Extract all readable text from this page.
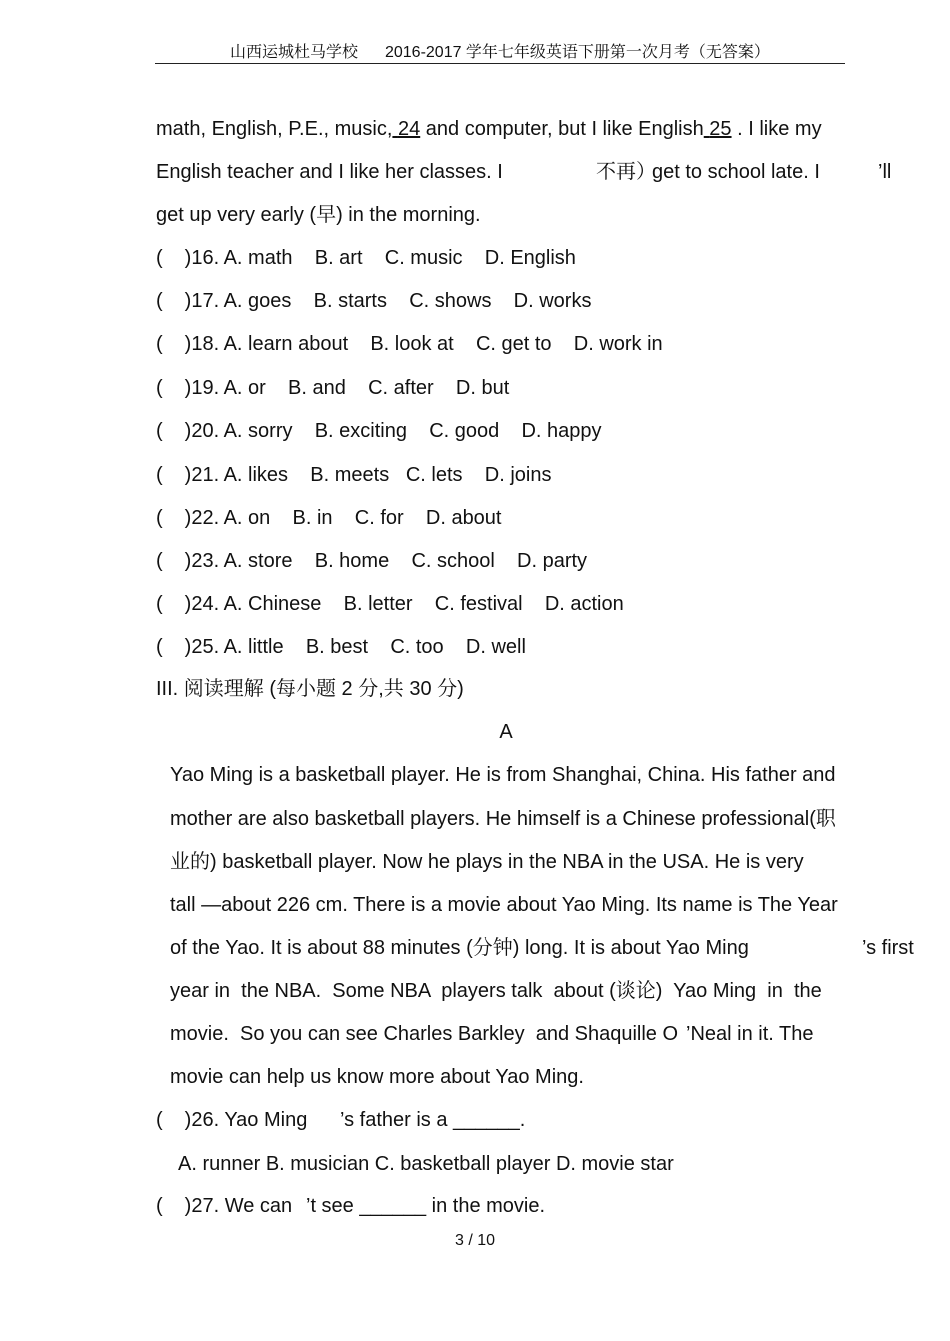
山西运城杜马学校 2016-2017 学年七年级英语下册第一次月考（无答案）
math, English, P.E., music, 24 and computer, but I like English 25 . I like my
English teacher and I like her classes. I	不再）
get to school late. I	’ll
get up very early (早) in the morning.
( )16. A. math    B. art    C. music    D. English
( )17. A. goes    B. starts    C. shows    D. works
( )18. A. learn about    B. look at    C. get to    D. work in
( )19. A. or    B. and    C. after    D. but
( )20. A. sorry    B. exciting    C. good    D. happy
( )21. A. likes    B. meets   C. lets    D. joins
( )22. A. on    B. in    C. for    D. about
( )23. A. store    B. home    C. school    D. party
( )24. A. Chinese    B. letter    C. festival    D. action
( )25. A. little    B. best    C. too    D. well
III. 阅读理解 (每小题 2 分,共 30 分)
A
Yao Ming is a basketball player. He is from Shanghai, China. His father and
mother are also basketball players. He himself is a Chinese professional(职
业的) basketball player. Now he plays in the NBA in the USA. He is very
tall —about 226 cm. There is a movie about Yao Ming. Its name is The Year
of the Yao. It is about 88 minutes (分钟) long. It is about Yao Ming
year in  the NBA.  Some NBA  players talk  about (谈论)  Yao Ming  in  the
movie.  So you can see Charles Barkley  and Shaquille O
movie can help us know more about Yao Ming.
’s first
’Neal in it. The
( )26. Yao Ming ’s father is a ______.
A. runner B. musician C. basketball player D. movie star
( )27. We can ’t see ______ in the movie.
3 / 10
